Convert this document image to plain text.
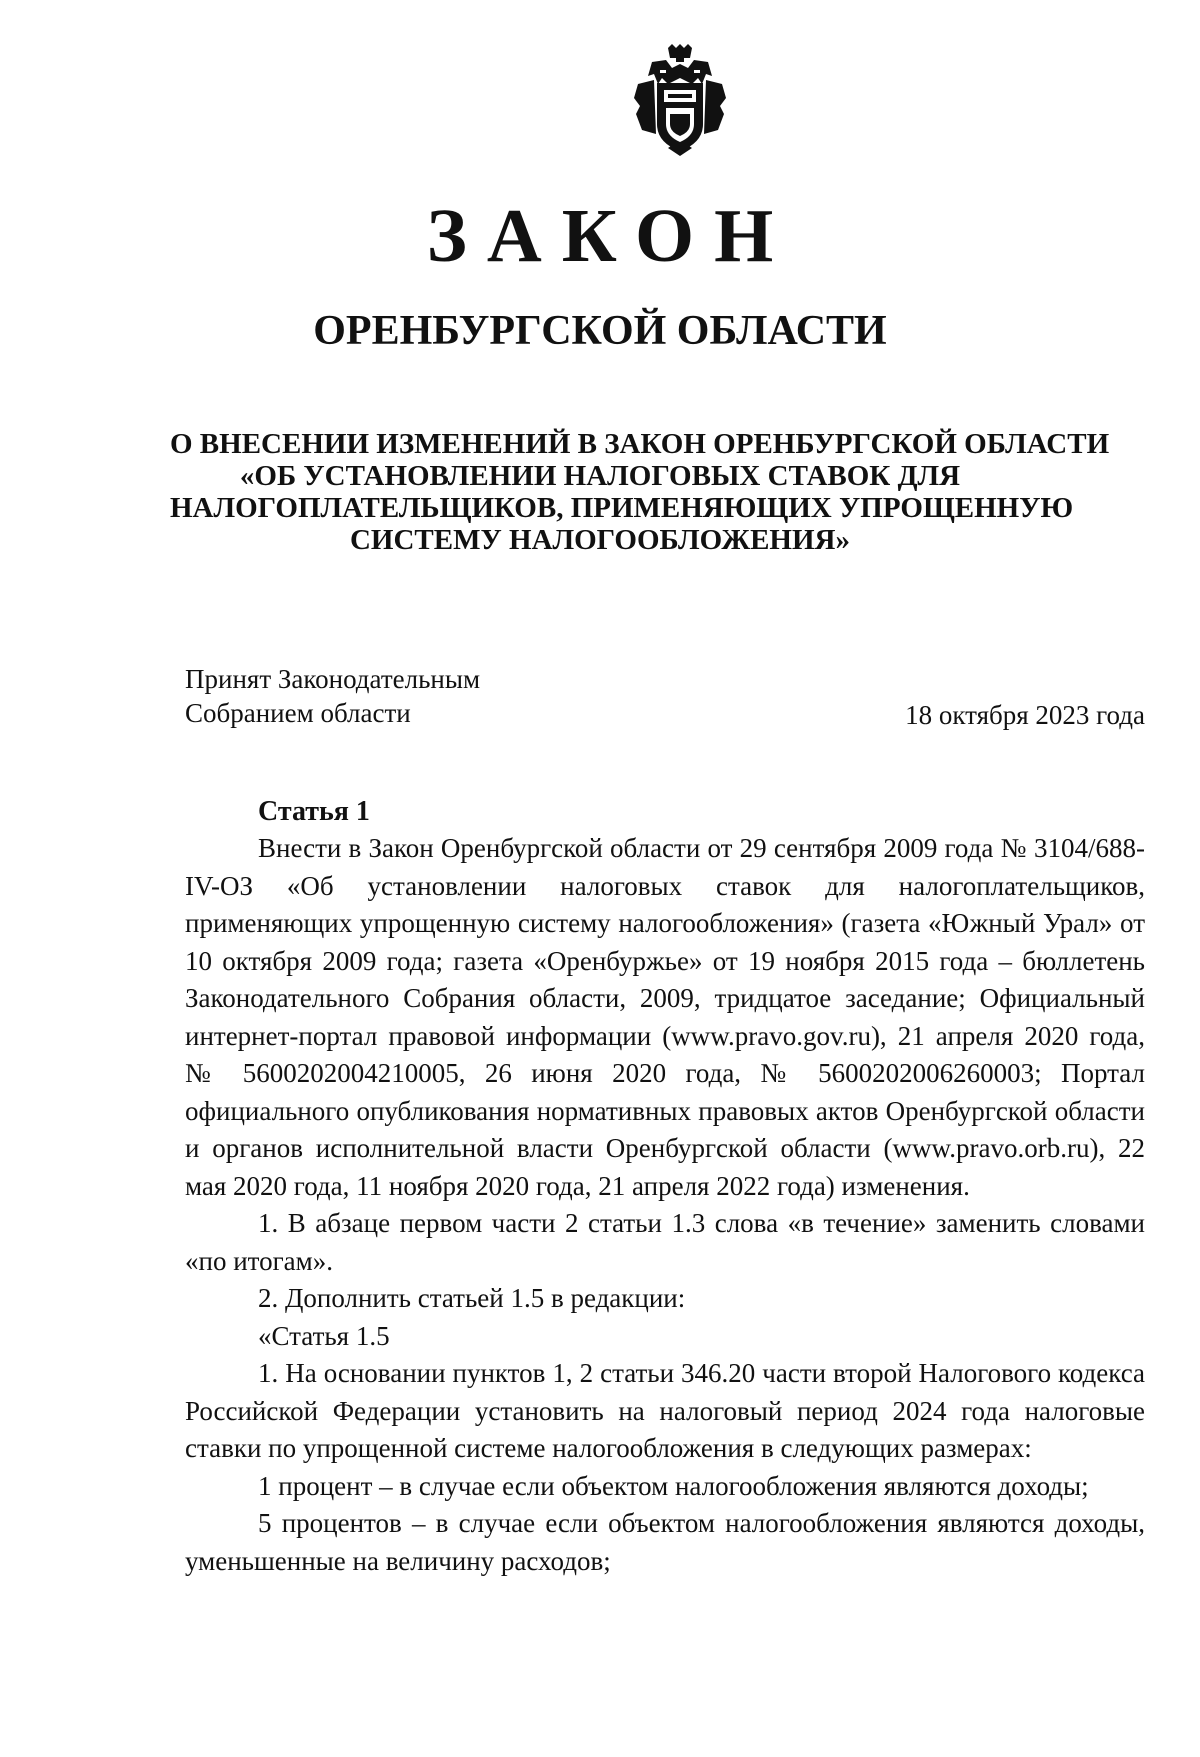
ЗАКОН
ОРЕНБУРГСКОЙ ОБЛАСТИ
О ВНЕСЕНИИ ИЗМЕНЕНИЙ В ЗАКОН ОРЕНБУРГСКОЙ ОБЛАСТИ
«ОБ УСТАНОВЛЕНИИ НАЛОГОВЫХ СТАВОК ДЛЯ
НАЛОГОПЛАТЕЛЬЩИКОВ, ПРИМЕНЯЮЩИХ УПРОЩЕННУЮ
СИСТЕМУ НАЛОГООБЛОЖЕНИЯ»
Принят Законодательным
Собранием области	18 октября 2023 года
Статья 1

Внести в Закон Оренбургской области от 29 сентября 2009 года № 3104/688-IV-ОЗ «Об установлении налоговых ставок для налогоплательщиков, применяющих упрощенную систему налогообложения» (газета «Южный Урал» от 10 октября 2009 года; газета «Оренбуржье» от 19 ноября 2015 года – бюллетень Законодательного Собрания области, 2009, тридцатое заседание; Официальный интернет-портал правовой информации (www.pravo.gov.ru), 21 апреля 2020 года, № 5600202004210005, 26 июня 2020 года, № 5600202006260003; Портал официального опубликования нормативных правовых актов Оренбургской области и органов исполнительной власти Оренбургской области (www.pravo.orb.ru), 22 мая 2020 года, 11 ноября 2020 года, 21 апреля 2022 года) изменения.

1. В абзаце первом части 2 статьи 1.3 слова «в течение» заменить словами «по итогам».

2. Дополнить статьей 1.5 в редакции:

«Статья 1.5

1. На основании пунктов 1, 2 статьи 346.20 части второй Налогового кодекса Российской Федерации установить на налоговый период 2024 года налоговые ставки по упрощенной системе налогообложения в следующих размерах:

1 процент – в случае если объектом налогообложения являются доходы;

5 процентов – в случае если объектом налогообложения являются доходы, уменьшенные на величину расходов;
